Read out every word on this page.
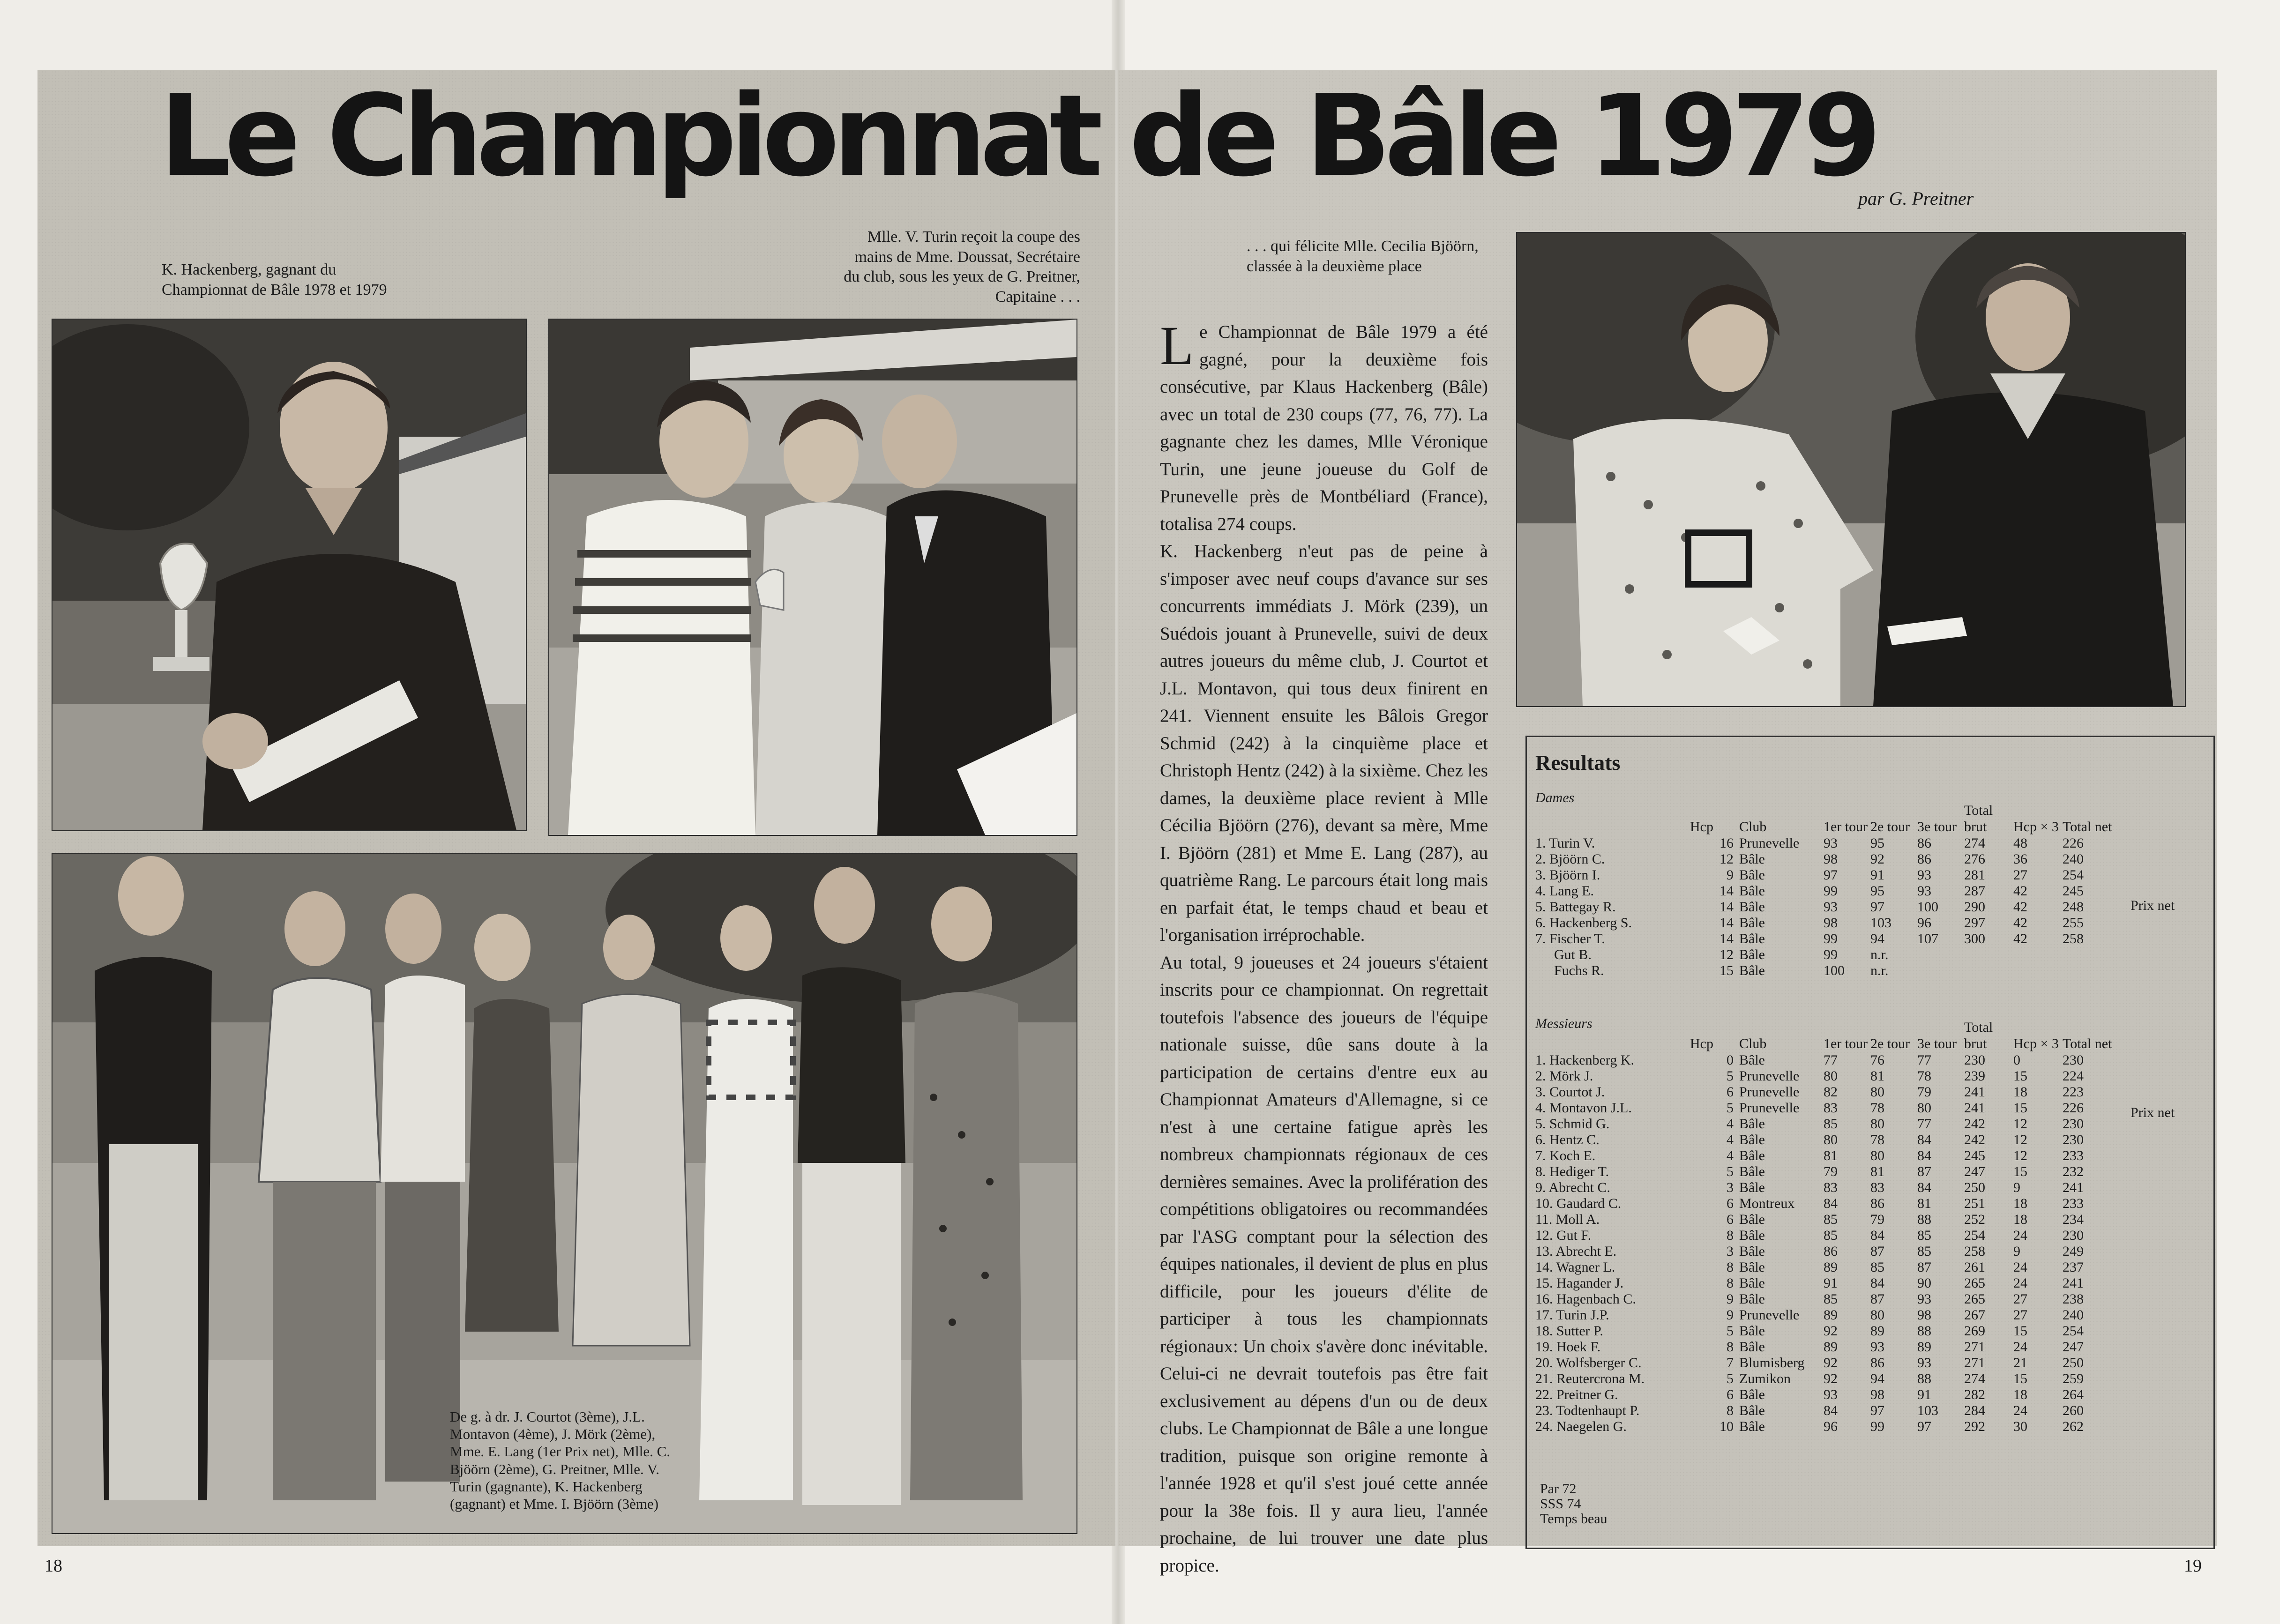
Le Championnat de Bâle 1979
par G. Preitner
K. Hackenberg, gagnant du Championnat de Bâle 1978 et 1979
Mlle. V. Turin reçoit la coupe des mains de Mme. Doussat, Secrétaire du club, sous les yeux de G. Preitner, Capitaine . . .
. . . qui félicite Mlle. Cecilia Bjöörn, classée à la deuxième place
De g. à dr. J. Courtot (3ème), J.L. Montavon (4ème), J. Mörk (2ème), Mme. E. Lang (1er Prix net), Mlle. C. Bjöörn (2ème), G. Preitner, Mlle. V. Turin (gagnante), K. Hackenberg (gagnant) et Mme. I. Bjöörn (3ème)

Le Championnat de Bâle 1979 a été gagné, pour la deuxième fois consécutive, par Klaus Hackenberg (Bâle) avec un total de 230 coups (77, 76, 77). La gagnante chez les dames, Mlle Véronique Turin, une jeune joueuse du Golf de Prunevelle près de Montbéliard (France), totalisa 274 coups.

K. Hackenberg n'eut pas de peine à s'imposer avec neuf coups d'avance sur ses concurrents immédiats J. Mörk (239), un Suédois jouant à Prunevelle, suivi de deux autres joueurs du même club, J. Courtot et J.L. Montavon, qui tous deux finirent en 241. Viennent ensuite les Bâlois Gregor Schmid (242) à la cinquième place et Christoph Hentz (242) à la sixième. Chez les dames, la deuxième place revient à Mlle Cécilia Bjöörn (276), devant sa mère, Mme I. Bjöörn (281) et Mme E. Lang (287), au quatrième Rang. Le parcours était long mais en parfait état, le temps chaud et beau et l'organisation irréprochable.

Au total, 9 joueuses et 24 joueurs s'étaient inscrits pour ce championnat. On regrettait toutefois l'absence des joueurs de l'équipe nationale suisse, dûe sans doute à la participation de certains d'entre eux au Championnat Amateurs d'Allemagne, si ce n'est à une certaine fatigue après les nombreux championnats régionaux de ces dernières semaines. Avec la prolifération des compétitions obligatoires ou recommandées par l'ASG comptant pour la sélection des équipes nationales, il devient de plus en plus difficile, pour les joueurs d'élite de participer à tous les championnats régionaux: Un choix s'avère donc inévitable. Celui-ci ne devrait toutefois pas être fait exclusivement au dépens d'un ou de deux clubs. Le Championnat de Bâle a une longue tradition, puisque son origine remonte à l'année 1928 et qu'il s'est joué cette année pour la 38e fois. Il y aura lieu, l'année prochaine, de lui trouver une date plus propice.

Resultats
Dames
	Hcp	Club	1er tour	2e tour	3e tour	Total brut	Hcp × 3	Total net
1. Turin V.	16	Prunevelle	93	95	86	274	48	226
2. Bjöörn C.	12	Bâle	98	92	86	276	36	240
3. Bjöörn I.	9	Bâle	97	91	93	281	27	254
4. Lang E.	14	Bâle	99	95	93	287	42	245
5. Battegay R.	14	Bâle	93	97	100	290	42	248
6. Hackenberg S.	14	Bâle	98	103	96	297	42	255
7. Fischer T.	14	Bâle	99	94	107	300	42	258
Gut B.	12	Bâle	99	n.r.				
Fuchs R.	15	Bâle	100	n.r.				
Prix net
Messieurs
	Hcp	Club	1er tour	2e tour	3e tour	Total brut	Hcp × 3	Total net
1. Hackenberg K.	0	Bâle	77	76	77	230	0	230
2. Mörk J.	5	Prunevelle	80	81	78	239	15	224
3. Courtot J.	6	Prunevelle	82	80	79	241	18	223
4. Montavon J.L.	5	Prunevelle	83	78	80	241	15	226
5. Schmid G.	4	Bâle	85	80	77	242	12	230
6. Hentz C.	4	Bâle	80	78	84	242	12	230
7. Koch E.	4	Bâle	81	80	84	245	12	233
8. Hediger T.	5	Bâle	79	81	87	247	15	232
9. Abrecht C.	3	Bâle	83	83	84	250	9	241
10. Gaudard C.	6	Montreux	84	86	81	251	18	233
11. Moll A.	6	Bâle	85	79	88	252	18	234
12. Gut F.	8	Bâle	85	84	85	254	24	230
13. Abrecht E.	3	Bâle	86	87	85	258	9	249
14. Wagner L.	8	Bâle	89	85	87	261	24	237
15. Hagander J.	8	Bâle	91	84	90	265	24	241
16. Hagenbach C.	9	Bâle	85	87	93	265	27	238
17. Turin J.P.	9	Prunevelle	89	80	98	267	27	240
18. Sutter P.	5	Bâle	92	89	88	269	15	254
19. Hoek F.	8	Bâle	89	93	89	271	24	247
20. Wolfsberger C.	7	Blumisberg	92	86	93	271	21	250
21. Reutercrona M.	5	Zumikon	92	94	88	274	15	259
22. Preitner G.	6	Bâle	93	98	91	282	18	264
23. Todtenhaupt P.	8	Bâle	84	97	103	284	24	260
24. Naegelen G.	10	Bâle	96	99	97	292	30	262
Prix net
Par 72
SSS 74
Temps beau
18	19
